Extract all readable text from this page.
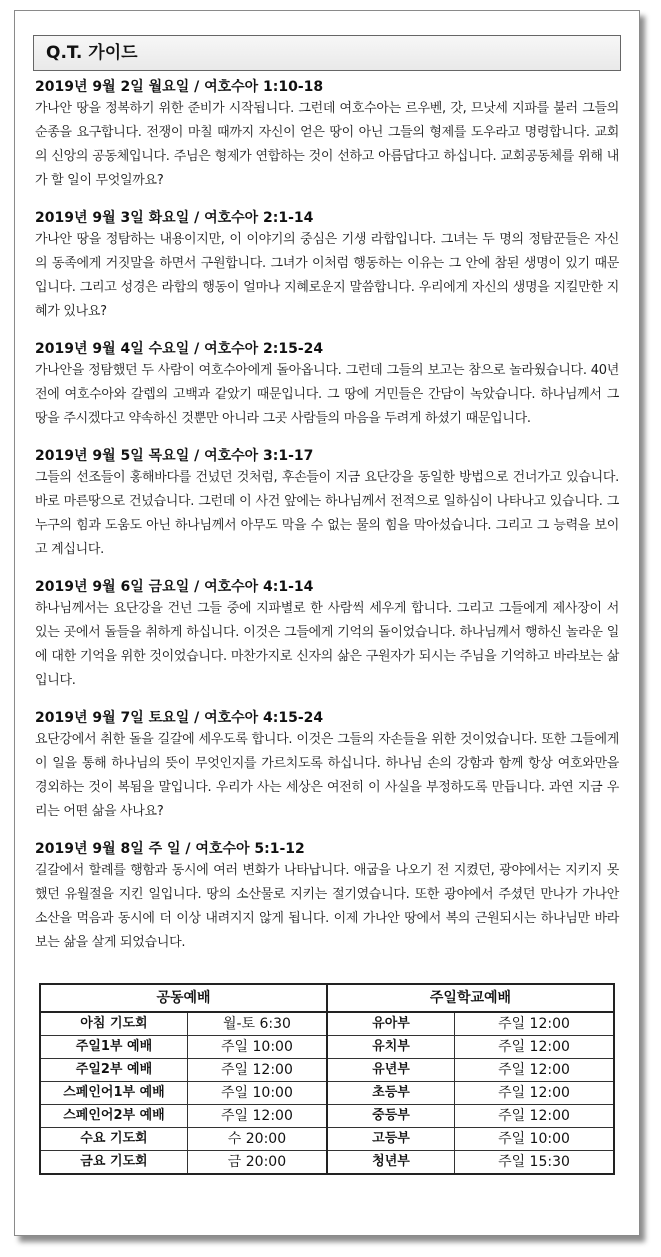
Q.T. 가이드
2019년 9월 2일 월요일 / 여호수아 1:10-18
가나안 땅을 정복하기 위한 준비가 시작됩니다. 그런데 여호수아는 르우벤, 갓, 므낫세 지파를 불러 그들의 순종을 요구합니다. 전쟁이 마칠 때까지 자신이 얻은 땅이 아닌 그들의 형제를 도우라고 명령합니다. 교회의 신앙의 공동체입니다. 주님은 형제가 연합하는 것이 선하고 아름답다고 하십니다. 교회공동체를 위해 내가 할 일이 무엇일까요?
2019년 9월 3일 화요일 / 여호수아 2:1-14
가나안 땅을 정탐하는 내용이지만, 이 이야기의 중심은 기생 라합입니다. 그녀는 두 명의 정탐꾼들은 자신의 동족에게 거짓말을 하면서 구원합니다. 그녀가 이처럼 행동하는 이유는 그 안에 참된 생명이 있기 때문입니다. 그리고 성경은 라합의 행동이 얼마나 지혜로운지 말씀합니다. 우리에게 자신의 생명을 지킬만한 지혜가 있나요?
2019년 9월 4일 수요일 / 여호수아 2:15-24
가나안을 정탐했던 두 사람이 여호수아에게 돌아옵니다. 그런데 그들의 보고는 참으로 놀라웠습니다. 40년 전에 여호수아와 갈렙의 고백과 같았기 때문입니다. 그 땅에 거민들은 간담이 녹았습니다. 하나님께서 그 땅을 주시겠다고 약속하신 것뿐만 아니라 그곳 사람들의 마음을 두려게 하셨기 때문입니다.
2019년 9월 5일 목요일 / 여호수아 3:1-17
그들의 선조들이 홍해바다를 건넜던 것처럼, 후손들이 지금 요단강을 동일한 방법으로 건너가고 있습니다. 바로 마른땅으로 건넜습니다. 그런데 이 사건 앞에는 하나님께서 전적으로 일하심이 나타나고 있습니다. 그 누구의 힘과 도움도 아닌 하나님께서 아무도 막을 수 없는 물의 힘을 막아섰습니다. 그리고 그 능력을 보이고 계십니다.
2019년 9월 6일 금요일 / 여호수아 4:1-14
하나님께서는 요단강을 건넌 그들 중에 지파별로 한 사람씩 세우게 합니다. 그리고 그들에게 제사장이 서 있는 곳에서 돌들을 취하게 하십니다. 이것은 그들에게 기억의 돌이었습니다. 하나님께서 행하신 놀라운 일에 대한 기억을 위한 것이었습니다. 마찬가지로 신자의 삶은 구원자가 되시는 주님을 기억하고 바라보는 삶입니다.
2019년 9월 7일 토요일 / 여호수아 4:15-24
요단강에서 취한 돌을 길갈에 세우도록 합니다. 이것은 그들의 자손들을 위한 것이었습니다. 또한 그들에게 이 일을 통해 하나님의 뜻이 무엇인지를 가르치도록 하십니다. 하나님 손의 강함과 함께 항상 여호와만을 경외하는 것이 복됨을 말입니다. 우리가 사는 세상은 여전히 이 사실을 부정하도록 만듭니다. 과연 지금 우리는 어떤 삶을 사나요?
2019년 9월 8일 주 일 / 여호수아 5:1-12
길갈에서 할례를 행함과 동시에 여러 변화가 나타납니다. 애굽을 나오기 전 지켰던, 광야에서는 지키지 못했던 유월절을 지킨 일입니다. 땅의 소산물로 지키는 절기였습니다. 또한 광야에서 주셨던 만나가 가나안 소산을 먹음과 동시에 더 이상 내려지지 않게 됩니다. 이제 가나안 땅에서 복의 근원되시는 하나님만 바라보는 삶을 살게 되었습니다.
공동예배		주일학교예배	
아침 기도회	월-토 6:30	유아부	주일 12:00
주일1부 예배	주일 10:00	유치부	주일 12:00
주일2부 예배	주일 12:00	유년부	주일 12:00
스페인어1부 예배	주일 10:00	초등부	주일 12:00
스페인어2부 예배	주일 12:00	중등부	주일 12:00
수요 기도회	수 20:00	고등부	주일 10:00
금요 기도회	금 20:00	청년부	주일 15:30
